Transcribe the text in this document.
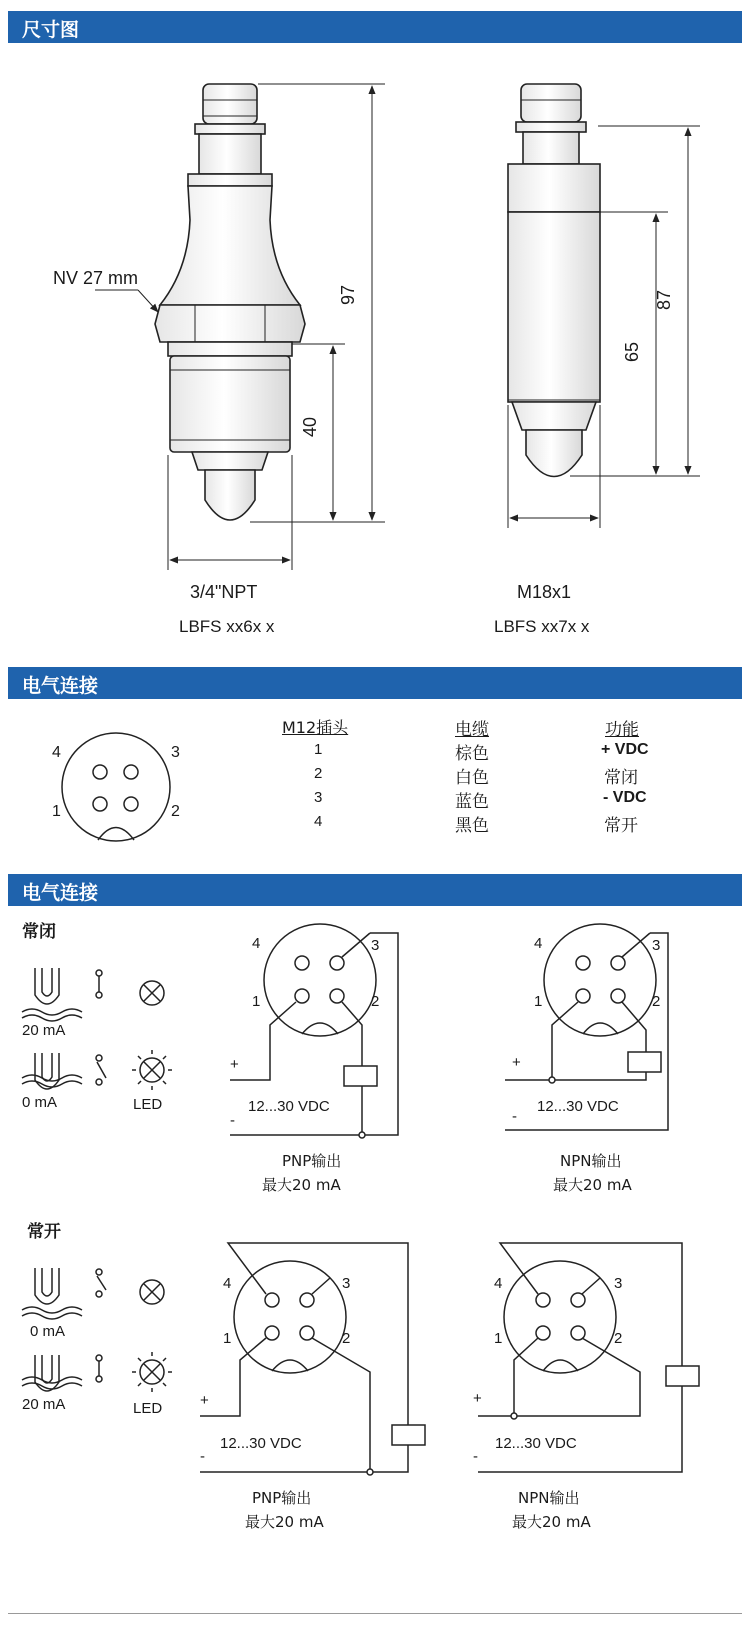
尺寸图
电气连接
电气连接
NV 27 mm
97
40
87
65
3/4"NPT
LBFS xx6x x
M18x1
LBFS xx7x x
4	3
1	2
M12插头	电缆	功能
1	棕色	+ VDC
2	白色	常闭
3	蓝色	- VDC
4	黑色	常开
常闭
20 mA
0 mA	LED
4	3
1	2
+
12...30 VDC
-
PNP输出
最大20 mA
4	3
1	2
+
12...30 VDC
-
NPN输出
最大20 mA
常开
0 mA
20 mA	LED
4	3
1	2
+
12...30 VDC
-
PNP输出
最大20 mA
4	3
1	2
+
12...30 VDC
-
NPN输出
最大20 mA
